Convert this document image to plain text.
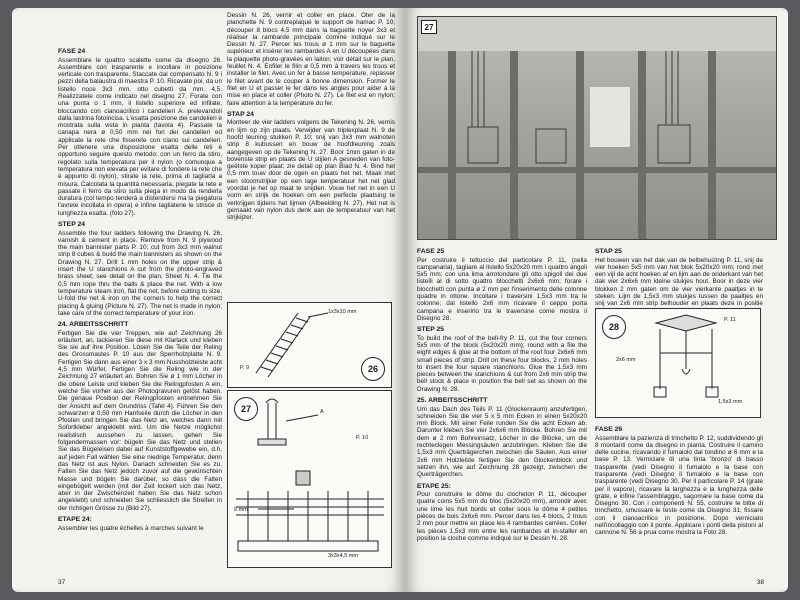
FASE 24

Assemblare le quattro scalette come da disegno 26. Assemblare con trasparente e incollare in posizione verticale con trasparente. Staccate dal compensato N. 9 i pezzi della balaustra di maestra P. 10. Ricavate poi, da un listello noce 3x3 mm, otto cubetti da mm. 4,5. Realizzatele come indicato nel disegno 27. Forate con una punta o 1 mm, il listello superiore ed infilate, bloccando con cianoacrilico i candelieri A. prelevandoli dalla lastrina fotoincisa. L'esatta posizione dei candelieri è mostrata sulla vista in pianta (tavola 4). Passate la canapa nera ø 0,50 mm nei fori dei candelieri ed applicate la rete che fisserete con ciano sui candelieri. Per ottenere una disposizione esatta delle reti è opportuno seguire questo metodo: con un ferro da stiro, regolato sulla temperatura per il nylon (o comunque a temperatura non elevata per evitare di fondere la rete che è appunto di nylon), stirate la rete, prima di tagliarla a misura. Calcolata la quantità necessaria, piegate la rete e passate il ferro da stiro sulla piega in modo da renderla duratura (col tempo tenderà a distendersi ma la piegatura l'avrete incollata in opera) e infine tagliatene le strisce di lunghezza esatta. (foto 27).

STEP 24

Assemble the four ladders following the Drawing N. 26, varnish & cement in place. Remove from N. 9 plywood the main bannister parts P. 10; cut from 3x3 mm walnut strip 8 cubes & build the main bannisters as shown on the Drawing N. 27. Drill 1 mm holes on the upper strip & insert the U stanchions A cut from the photo-engraved brass sheet; see detail on the plan, Sheet N. 4. Tie the 0,5 mm rope thru the balls & place the net. With a low temperature steam iron, flat the net, before cutting to size. U-fold the net & iron on the corners to help the correct placing & gluing (Picture N. 27). The net is made in nylon; take care of the correct temperature of your iron.

24. ARBEITSSCHRITT

Fertigen Sie die vier Treppen, wie auf Zeichnung 26 erläutert, an, lackieren Sie diese mit Klarlack und kleben Sie sie auf ihre Position. Lösen Sie die Teile der Reling des Grossmastes P. 10 aus der Sperrholzplatte N. 9. Fertigen Sie dann aus einer 3 x 3 mm Nussholzleiste acht 4,5 mm Würfel. Fertigen Sie die Reling wie in der Zeichnung 27 erläutert an. Bohren Sie ø 1 mm Löcher in die obere Leiste und kleben Sie die Relingpfosten A ein, welche Sie vorher aus der Photogravuren gelöst haben. Die genaue Position der Relingpfosten entnehmen Sie der Ansicht auf dem Grundriss (Tafel 4). Führen Sie den schwarzen ø 0,50 mm Hanfseile durch die Löcher in den Pfosten und bringen Sie das Netz an, welches dann mit Sofortkleber angeklebt wird. Um die Netze möglichst realistisch aussehen zu lassen, gehen Sie folgendermassen vor: bügeln Sie das Netz und stellen Sie das Bügeleisen dabei auf Kunststoffgewebe ein, d.h. auf jeden Fall wählen Sie eine niedrige Temperatur, denn das Netz ist aus Nylon. Danach schneiden Sie es zu. Falten Sie das Netz jedoch zuvor auf die gewünschten Masse und bügeln Sie darüber, so dass die Falten eingebügelt werden (mit der Zeit lockert sich das Netz, aber in der Zwischenzeit haben Sie das Netz schon angeklebt) und schneiden Sie schliesslich die Streifen in der richtigen Grösse zu (Bild 27).

ETAPE 24:

Assembler les quatre échelles à marches suivant le

Dessin N. 26, vernir et coller en place. Oter de la planchette N. 9 contreplaqué le support de hamac P. 10; découper 8 blocs 4,5 mm dans la baguette noyer 3x3 et réaliser la rambarde principale comme indiqué sur le Dessin N. 27. Percer les trous ø 1 mm sur le baguette supérieur et insérer les rambardes A en U découpées dans la plaquette photo-gravées en laiton; voir détail sur le plan, feuillet N. 4. Enfiler le filin ø 0,5 mm à travers les trous et installer le filet. Avec un fer à basse température, repasser le filet avant de le couper à bonne dimension. Former le filet en U et passer le fer dans les angles pour aider à la mise en place et coller (Photo N. 27). Le filet est en nylon; faire attention à la température du fer.

STAP 24

Monteer de vier ladders volgens de Tekening N. 26, vernis en lijm op zijn plaats. Verwijder van triplexplaat N. 9 de hoofd leuning stukken P. 10; snij van 3x3 mm walnoten strip 8 kubussen en bouw de hoofdleuning zoals aangegeven op de Tekening N. 27. Boor 1mm gaten in de bovenste strip en plaats de U stijlen A gesneden van foto-geëtste koper plaat; zie detail op plan Blad N. 4. Bind het 0,5 mm touw door de ogen en plaats het net. Maak met een stoomstrijker op een lage temperatuur het net glad voordat je het op maat te snijden. Vouw het net in een U vorm en strijk de hoeken om een perfecte plaatsing te verkrijgen tijdens het lijmen (Afbeelding N. 27). Het net is gemaakt van nylon dus denk aan de temperatuur van het strijkijzer.

1x3x10 mm
P. 9	26
A
P. 10
6 mm
3x3x4,5 mm
27
37
27
FASE 25

Per costruire il tettuccio del particolare P. 11, (cella campanaria), tagliare al listello 5x20x20 mm i quattro angoli 5x5 mm; con una lima arrotondare gli otto spigoli dei due listelli al di sotto quattro blocchetti 2x6x6 mm; forare i blocchetti con punta ø 2 mm per l'inserimento delle colonne quadre in ottone. Incollare i traversini 1,5x3 mm tra le colonne; dal listello 2x6 mm ricavare il ceppo porta campana e inserirlo tra le traversine come mostra il Disegno 28.

STEP 25

To build the roof of the bell-fry P. 11, cut the four corners 5x5 mm of the block (5x20x20 mm); round with a file the eight edges & glue at the bottom of the roof four 2x6x6 mm small pieces of strip. Drill on these four blocks, 2 mm holes to insert the four square stanchions. Glue the 1,5x3 mm pieces between the stanchions & cut from 2x6 mm strip the bell stock & place in position the bell set as shown on the Drawing N. 28.

25. ARBEITSSCHRITT

Um das Dach des Teils P. 11 (Glockenraum) anzufertigen, schneiden Sie die vier 5 x 5 mm Ecken in einen 5x20x20 mm Block. Mit einer Feile runden Sie die acht Ecken ab. Darunter kleben Sie vier 2x6x6 mm Blöcke. Bohren Sie mit dem ø 2 mm Bohreinsatz, Löcher in die Blöcke, um die rechteckigen Messingsäulen anzubringen. Kleben Sie die 1,5x3 mm Querträgerchen zwischen die Säulen. Aus einer 2x6 mm Holzleiste fertigen Sie den Glockenblock und setzen ihn, wie auf Zeichnung 28 gezeigt, zwischen die Querträgerchen.

ETAPE 25:

Pour construire le dôme du clocheton P. 11, découper quatre coins 5x5 mm du bloc (5x20x20 mm), arrondir avec une lime les huit bords et coller sous le dôme 4 petites pièces de bois 2x6x6 mm. Percer dans les 4 blocs, 2 trous 2 mm pour mettre en place les 4 rambardes carrées. Coller les pièces 1,5x3 mm entre les rambardes et in-staller en position la cloche comme indiqué sur le Dessin N. 28.

STAP 25

Het bouwen van het dak van de belbehuizing P. 11, snij de vier hoeken 5x5 mm van het blok 5x20x20 mm; rond met een vijl de acht hoeken af en lijm aan de onderkant van het dak vier 2x6x6 mm kleine stukjes hout. Boor in deze vier blokken 2 mm gaten om de vier vierkante paaltjes in te steken. Lijm de 1,5x3 mm stukjes tussen de paaltjes en snij van 2x6 mm strip belhouder en plaats deze in positie

P. 11
2x6 mm
1,5x3 mm
28
FASE 26

Assemblare la pazienza di trinchetto P. 12, suddividendo gli 8 montanti come da disegno in pianta. Costruire il camino delle cucine, ricavando il fumaiolo dal tondino ø 6 mm e la base P. 13. Verniciare di una tinta 'bronzo' di basso trasparente (vedi Disegno il fumaiolo e la base con trasparente (vedi Disegno il fumaiolo e la base con trasparente (vedi Disegno 30. Per il particolare P. 14 (grate per il vapore), ricavare la larghezza e la lunghezza delle grate, e infine l'assemblaggio, sagomare la base come da Disegno 30. Con i componenti N. 55, costruire le bitte di trinchetto, smussare le teste come da Disegno 31; fissare con il cianoacrilico in posizione. Dopo verniciato nell'incollaggio con il ponte. Applicare i ponti della pistoni al cannone N. 56 a prua come mostra la Foto 28.

38
